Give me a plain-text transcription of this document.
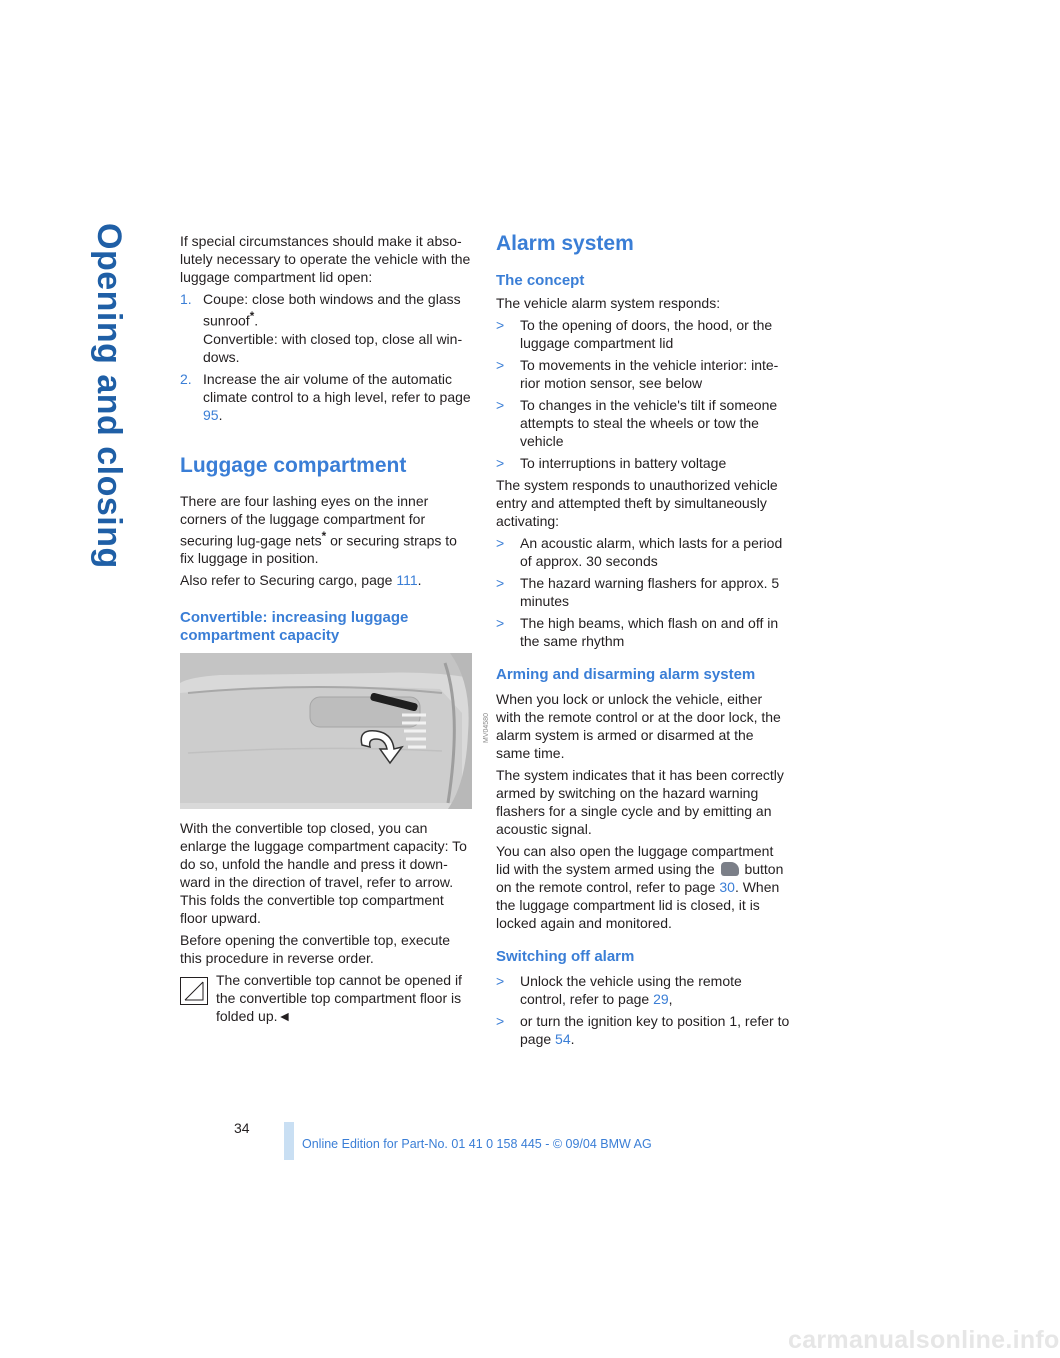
Opening and closing	If special circumstances should make it abso-lutely necessary to operate the vehicle with the luggage compartment lid open:

1. Coupe: close both windows and the glass sunroof*.
Convertible: with closed top, close all win-dows.
2. Increase the air volume of the automatic climate control to a high level, refer to page 95.
Luggage compartment

There are four lashing eyes on the inner corners of the luggage compartment for securing lug-gage nets* or securing straps to fix luggage in position.

Also refer to Securing cargo, page 111.

Convertible: increasing luggage compartment capacity
MV04580

With the convertible top closed, you can enlarge the luggage compartment capacity: To do so, unfold the handle and press it down-ward in the direction of travel, refer to arrow. This folds the convertible top compartment floor upward.

Before opening the convertible top, execute this procedure in reverse order.

The convertible top cannot be opened if the convertible top compartment floor is folded up.◄
Alarm system
The concept

The vehicle alarm system responds:

>	To the opening of doors, the hood, or the luggage compartment lid
>	To movements in the vehicle interior: inte-rior motion sensor, see below
>	To changes in the vehicle's tilt if someone attempts to steal the wheels or tow the vehicle
>	To interruptions in battery voltage

The system responds to unauthorized vehicle entry and attempted theft by simultaneously activating:

>	An acoustic alarm, which lasts for a period of approx. 30 seconds
>	The hazard warning flashers for approx. 5 minutes
>	The high beams, which flash on and off in the same rhythm
Arming and disarming alarm system

When you lock or unlock the vehicle, either with the remote control or at the door lock, the alarm system is armed or disarmed at the same time.

The system indicates that it has been correctly armed by switching on the hazard warning flashers for a single cycle and by emitting an acoustic signal.

You can also open the luggage compartment lid with the system armed using the button on the remote control, refer to page 30. When the luggage compartment lid is closed, it is locked again and monitored.

Switching off alarm
>	Unlock the vehicle using the remote control, refer to page 29,
>	or turn the ignition key to position 1, refer to page 54.
34
Online Edition for Part-No. 01 41 0 158 445 - © 09/04 BMW AG
carmanualsonline.info
